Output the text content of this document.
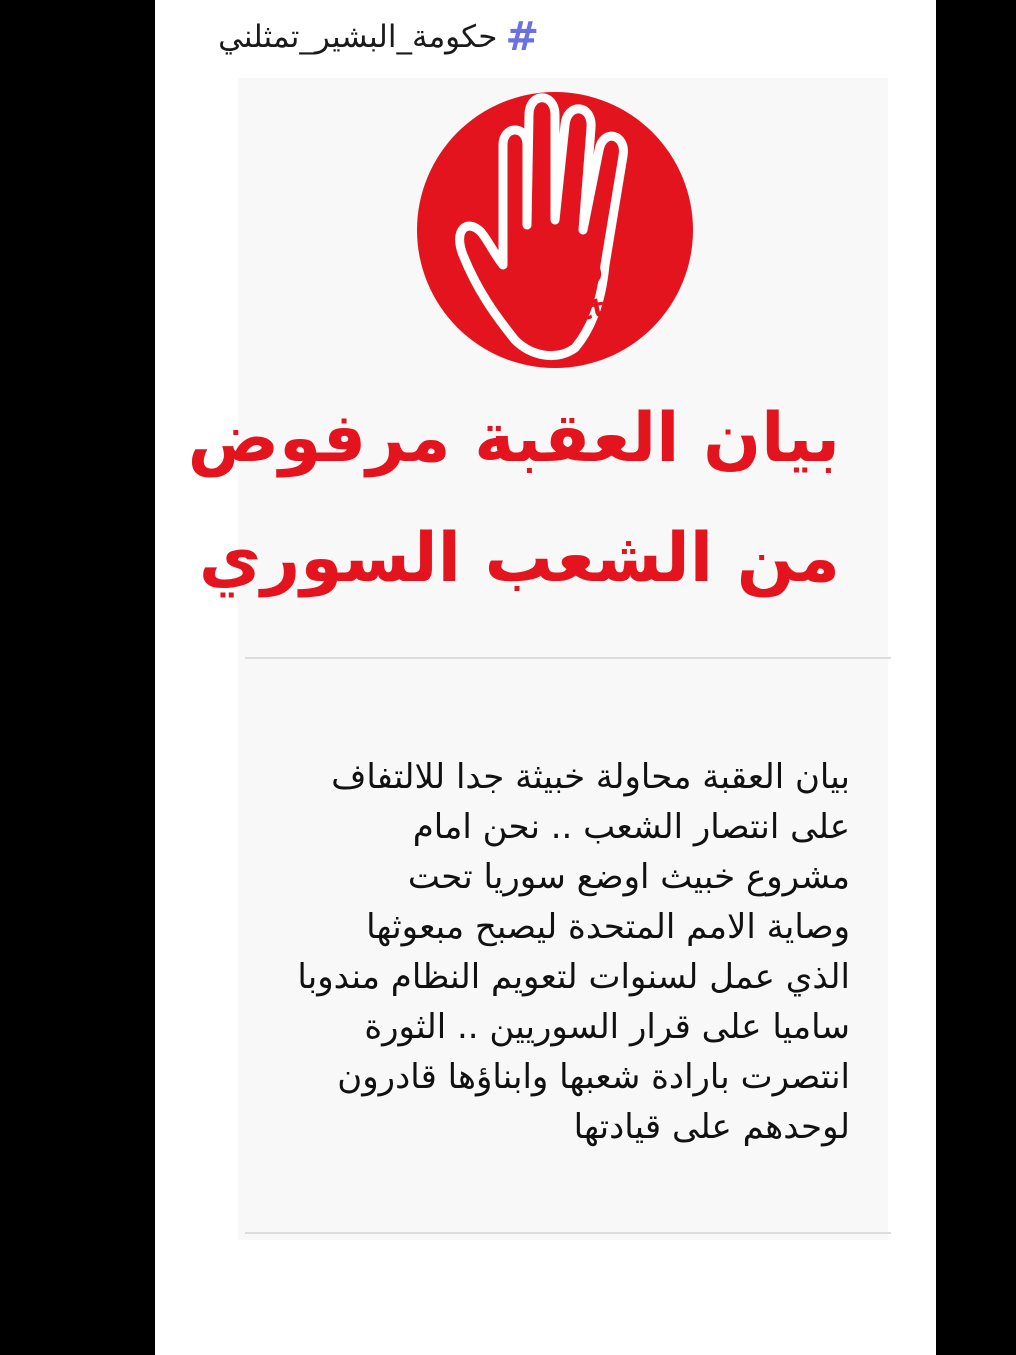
#
حكومة_البشير_تمثلني
رفض
Reject
بيان العقبة مرفوض
من الشعب السوري
بيان العقبة محاولة خبيثة جدا للالتفاف
على انتصار الشعب .. نحن امام
مشروع خبيث اوضع سوريا تحت
وصاية الامم المتحدة ليصبح مبعوثها
الذي عمل لسنوات لتعويم النظام مندوبا
ساميا على قرار السوريين .. الثورة
انتصرت بارادة شعبها وابناؤها قادرون
لوحدهم على قيادتها
